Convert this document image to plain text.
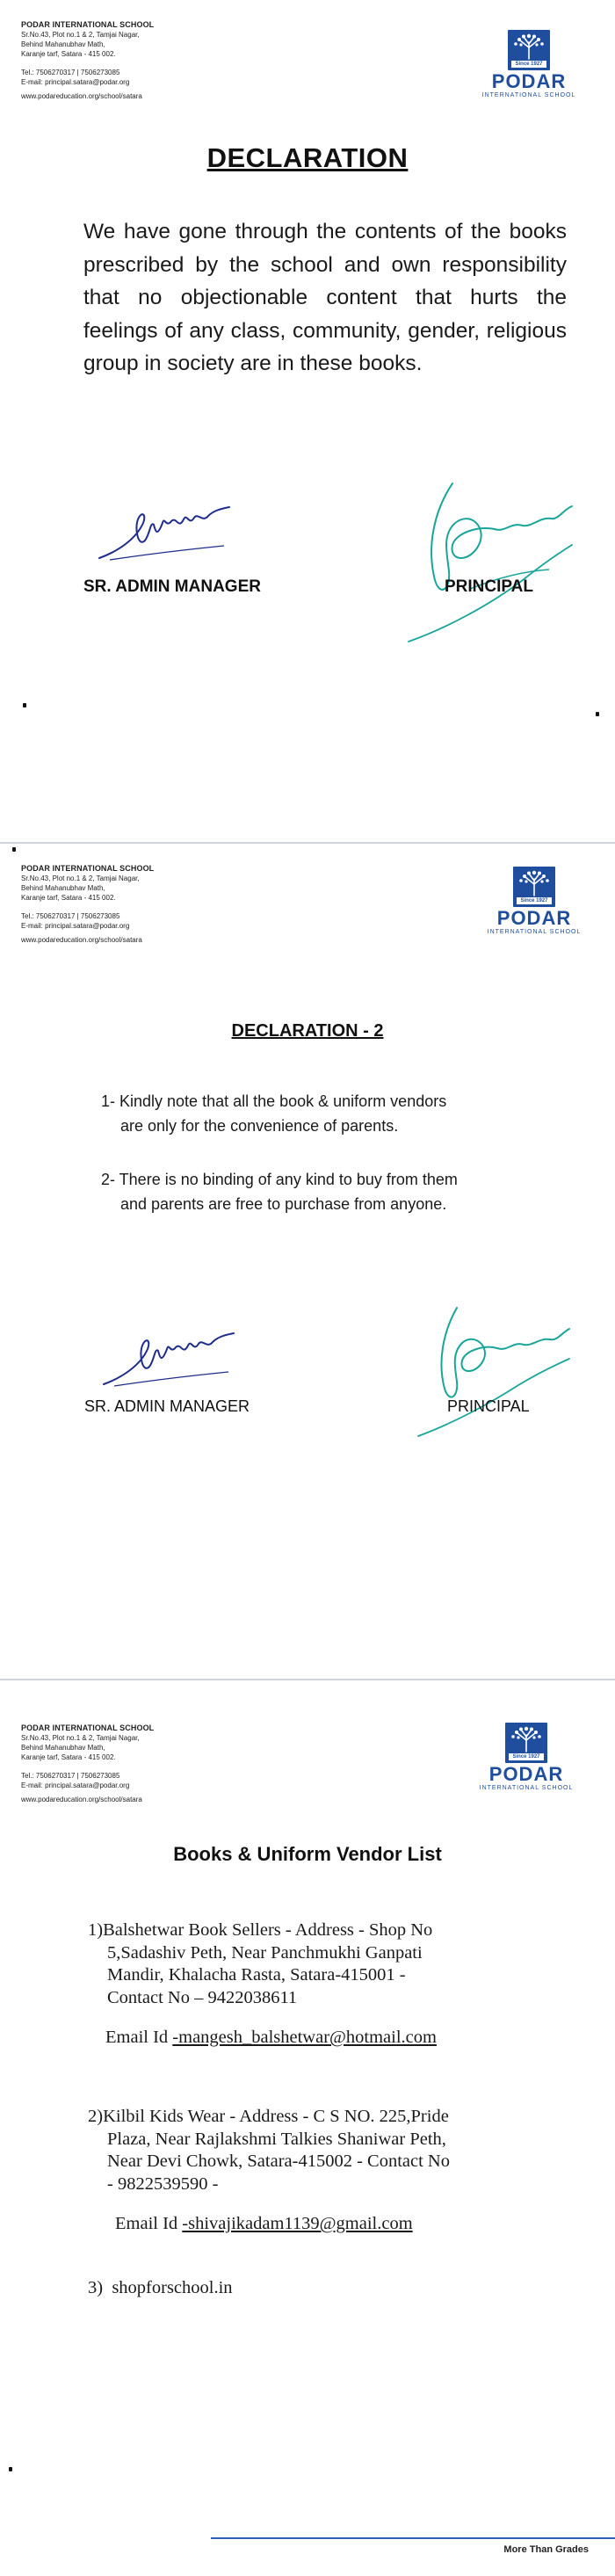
PODAR INTERNATIONAL SCHOOL
Sr.No.43, Plot no.1 & 2, Tamjai Nagar,
Behind Mahanubhav Math,
Karanje tarf, Satara - 415 002.
Tel.: 7506270317 | 7506273085
E-mail: principal.satara@podar.org
www.podareducation.org/school/satara
Since 1927
PODAR
INTERNATIONAL SCHOOL
DECLARATION
We have gone through the contents of the books prescribed by the school and own responsibility that no objectionable content that hurts the feelings of any class, community, gender, religious group in society are in these books.
SR. ADMIN MANAGER	PRINCIPAL
PODAR INTERNATIONAL SCHOOL
Sr.No.43, Plot no.1 & 2, Tamjai Nagar,
Behind Mahanubhav Math,
Karanje tarf, Satara - 415 002.
Tel.: 7506270317 | 7506273085
E-mail: principal.satara@podar.org
www.podareducation.org/school/satara
Since 1927
PODAR
INTERNATIONAL SCHOOL
DECLARATION - 2
1- Kindly note that all the book & uniform vendors
are only for the convenience of parents.
2- There is no binding of any kind to buy from them
and parents are free to purchase from anyone.
SR. ADMIN MANAGER	PRINCIPAL
PODAR INTERNATIONAL SCHOOL
Sr.No.43, Plot no.1 & 2, Tamjai Nagar,
Behind Mahanubhav Math,
Karanje tarf, Satara - 415 002.
Tel.: 7506270317 | 7506273085
E-mail: principal.satara@podar.org
www.podareducation.org/school/satara
Since 1927
PODAR
INTERNATIONAL SCHOOL
Books & Uniform Vendor List
1)Balshetwar Book Sellers - Address - Shop No
5,Sadashiv Peth, Near Panchmukhi Ganpati
Mandir, Khalacha Rasta, Satara-415001 -
Contact No – 9422038611
Email Id -mangesh_balshetwar@hotmail.com
2)Kilbil Kids Wear - Address - C S NO. 225,Pride
Plaza, Near Rajlakshmi Talkies Shaniwar Peth,
Near Devi Chowk, Satara-415002 - Contact No
- 9822539590 -
Email Id -shivajikadam1139@gmail.com
3)  shopforschool.in
More Than Grades
